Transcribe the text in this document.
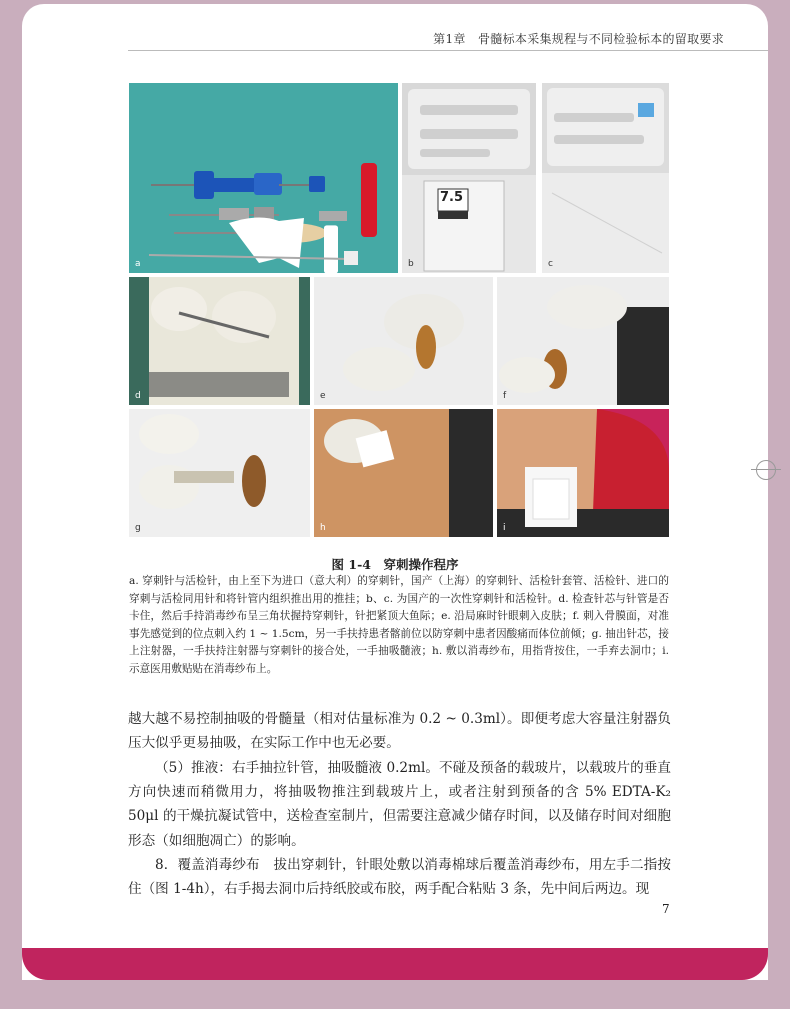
第1章　骨髓标本采集规程与不同检验标本的留取要求
a
7.5
b	c
d	e	f
g	h	i
图 1-4　穿刺操作程序
a. 穿刺针与活检针，由上至下为进口（意大利）的穿刺针，国产（上海）的穿刺针、活检针套管、活检针、进口的穿刺与活检同用针和将针管内组织推出用的推挂；b、c. 为国产的一次性穿刺针和活检针。d. 检查针芯与针管是否卡住，然后手持消毒纱布呈三角状握持穿刺针，针把紧顶大鱼际；e. 沿局麻时针眼刺入皮肤；f. 刺入骨膜面，对准事先感觉到的位点刺入约 1 ~ 1.5cm，另一手扶持患者髂前位以防穿刺中患者因酸痛而体位前倾；g. 抽出针芯，接上注射器，一手扶持注射器与穿刺针的接合处，一手抽吸髓液；h. 敷以消毒纱布，用指背按住，一手弃去洞巾；i. 示意医用敷贴贴在消毒纱布上。
越大越不易控制抽吸的骨髓量（相对估量标准为 0.2 ~ 0.3ml）。即便考虑大容量注射器负压大似乎更易抽吸，在实际工作中也无必要。
（5）推液：右手抽拉针管，抽吸髓液 0.2ml。不碰及预备的载玻片，以载玻片的垂直方向快速而稍微用力，将抽吸物推注到载玻片上，或者注射到预备的含 5% EDTA-K₂ 50μl 的干燥抗凝试管中，送检查室制片，但需要注意减少储存时间，以及储存时间对细胞形态（如细胞凋亡）的影响。
8．覆盖消毒纱布　拔出穿刺针，针眼处敷以消毒棉球后覆盖消毒纱布，用左手二指按住（图 1-4h），右手揭去洞巾后持纸胶或布胶，两手配合粘贴 3 条，先中间后两边。现
7
